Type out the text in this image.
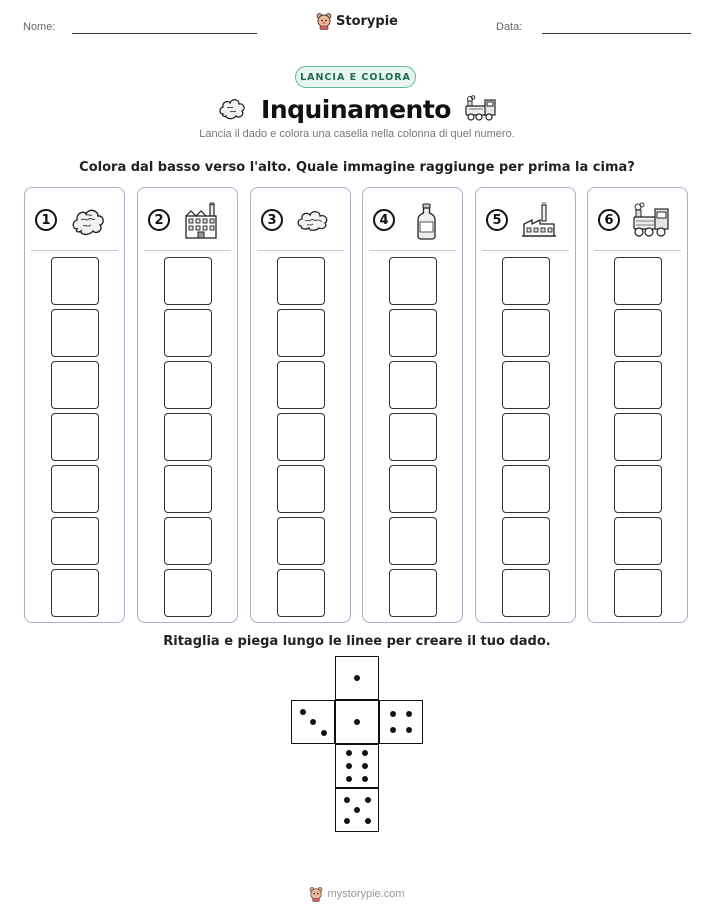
Nome:	Storypie	Data:
LANCIA E COLORA
Inquinamento
Lancia il dado e colora una casella nella colonna di quel numero.
Colora dal basso verso l'alto. Quale immagine raggiunge per prima la cima?
1	2	3	4	5	6
Ritaglia e piega lungo le linee per creare il tuo dado.
mystorypie.com
